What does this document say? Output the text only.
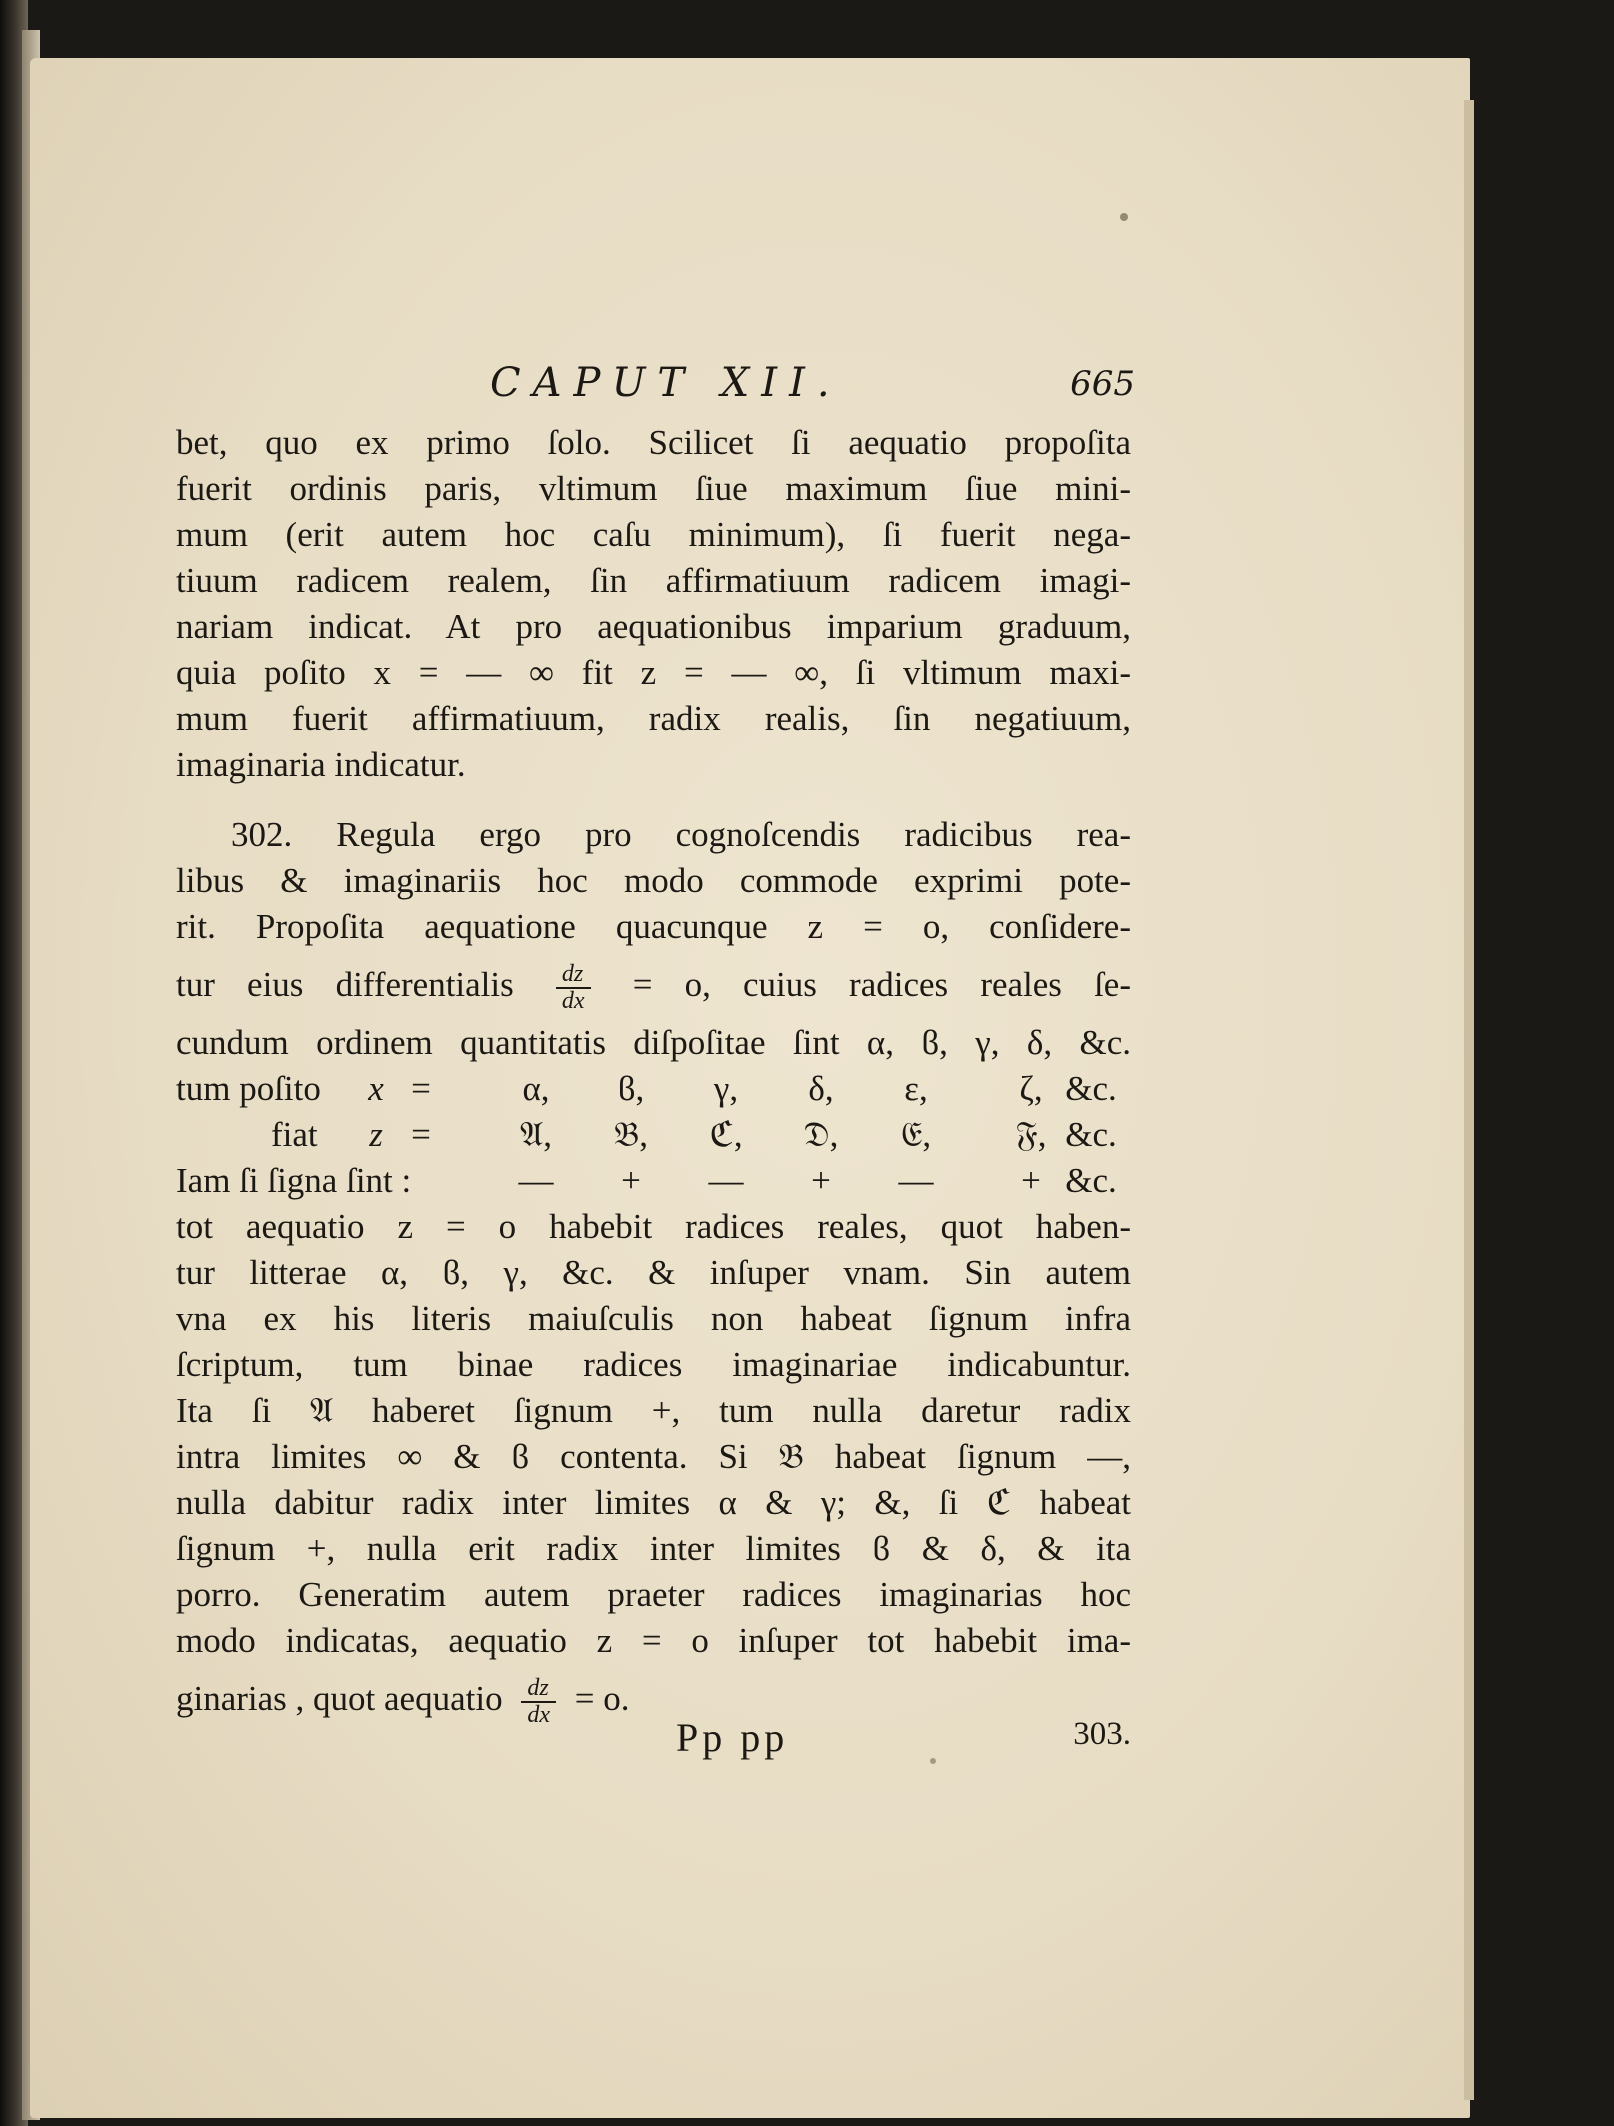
CAPUT XII.	665
bet, quo ex primo ſolo. Scilicet ſi aequatio propoſita
fuerit ordinis paris, vltimum ſiue maximum ſiue mini-
mum (erit autem hoc caſu minimum), ſi fuerit nega-
tiuum radicem realem, ſin affirmatiuum radicem imagi-
nariam indicat. At pro aequationibus imparium graduum,
quia poſito x = — ∞ fit z = — ∞, ſi vltimum maxi-
mum fuerit affirmatiuum, radix realis, ſin negatiuum,
imaginaria indicatur.
302. Regula ergo pro cognoſcendis radicibus rea-
libus & imaginariis hoc modo commode exprimi pote-
rit. Propoſita aequatione quacunque z = o, conſidere-
tur eius differentialis $\frac{dz}{dx} = o$, cuius radices reales ſe-
cundum ordinem quantitatis diſpoſitae ſint α, ϐ, γ, δ, &c.
tum poſito	x =	α,	ϐ,	γ,	δ,	ε,	ζ, &c.
fiat	z =	𝔄,	𝔅,	ℭ,	𝔇,	𝔈,	𝔉, &c.
Iam ſi ſigna ſint :	—	+	—	+	—	+ &c.
tot aequatio z = o habebit radices reales, quot haben-
tur litterae α, ϐ, γ, &c. & inſuper vnam. Sin autem
vna ex his literis maiuſculis non habeat ſignum infra
ſcriptum, tum binae radices imaginariae indicabuntur.
Ita ſi 𝔄 haberet ſignum +, tum nulla daretur radix
intra limites ∞ & ϐ contenta. Si 𝔅 habeat ſignum —,
nulla dabitur radix inter limites α & γ; &, ſi ℭ habeat
ſignum +, nulla erit radix inter limites ϐ & δ, & ita
porro. Generatim autem praeter radices imaginarias hoc
modo indicatas, aequatio z = o inſuper tot habebit ima-
ginarias , quot aequatio $\frac{dz}{dx} = o$.
Pp pp	303.
